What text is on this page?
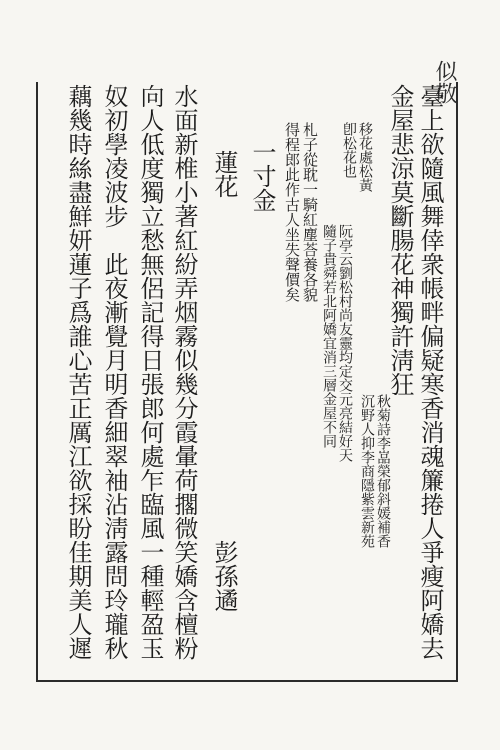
似敬
臺上欲隨風舞倖衆帳畔偏疑寒香消魂簾捲人爭瘦阿嬌去
金屋悲涼莫斷腸花神獨許淸狂
秋菊詩李嵓榮郁斜媛補香
沉野人抑李商隱紫雲新苑
移花處松黃
卽松花也
阮亭云劉松村尚友靈均定交元亮結好天
隨子貴舜若北阿嬌宜消三層金屋不同
札子從耽一騎紅塵荅養各貌
得程郎此作古人坐失聲價矣
一寸金
蓮花
彭孫遹
水面新椎小著紅紛弄烟霧似幾分霞暈荷擱微笑嬌含檀粉
向人低度獨立愁無侶記得日張郎何處乍臨風一種輕盈玉
奴初學凌波步　此夜漸覺月明香細翠袖沾淸露問玲瓏秋
藕幾時絲盡鮮妍蓮子爲誰心苦正厲江欲採盼佳期美人遲
